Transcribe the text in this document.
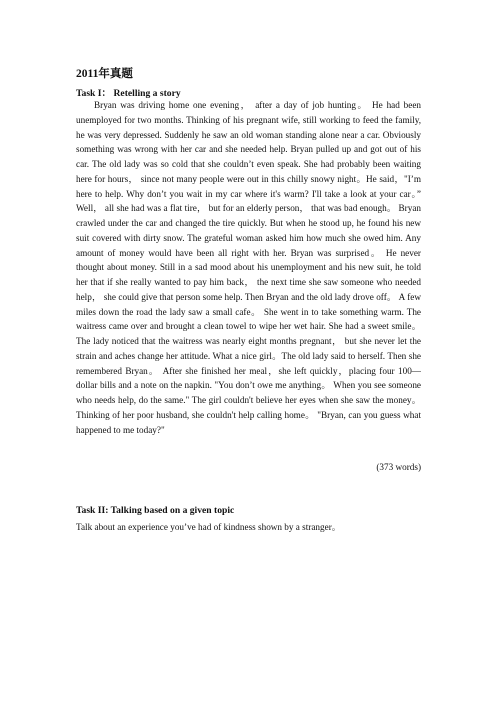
2011年真题
Task I： Retelling a story

Bryan was driving home one evening， after a day of job hunting。 He had been unemployed for two months. Thinking of his pregnant wife, still working to feed the family, he was very depressed. Suddenly he saw an old woman standing alone near a car. Obviously something was wrong with her car and she needed help. Bryan pulled up and got out of his car. The old lady was so cold that she couldn’t even speak. She had probably been waiting here for hours， since not many people were out in this chilly snowy night。He said，"I’m here to help. Why don’t you wait in my car where it's warm? I'll take a look at your car。” Well， all she had was a flat tire， but for an elderly person， that was bad enough。 Bryan crawled under the car and changed the tire quickly. But when he stood up, he found his new suit covered with dirty snow. The grateful woman asked him how much she owed him. Any amount of money would have been all right with her. Bryan was surprised。 He never thought about money. Still in a sad mood about his unemployment and his new suit, he told her that if she really wanted to pay him back， the next time she saw someone who needed help， she could give that person some help. Then Bryan and the old lady drove off。 A few miles down the road the lady saw a small cafe。 She went in to take something warm. The waitress came over and brought a clean towel to wipe her wet hair. She had a sweet smile。 The lady noticed that the waitress was nearly eight months pregnant， but she never let the strain and aches change her attitude. What a nice girl。The old lady said to herself. Then she remembered Bryan。 After she finished her meal，she left quickly，placing four 100—dollar bills and a note on the napkin. "You don’t owe me anything。 When you see someone who needs help, do the same." The girl couldn't believe her eyes when she saw the money。 Thinking of her poor husband, she couldn't help calling home。 "Bryan, can you guess what happened to me today?"

(373 words)
Task II: Talking based on a given topic
Talk about an experience you’ve had of kindness shown by a stranger。
